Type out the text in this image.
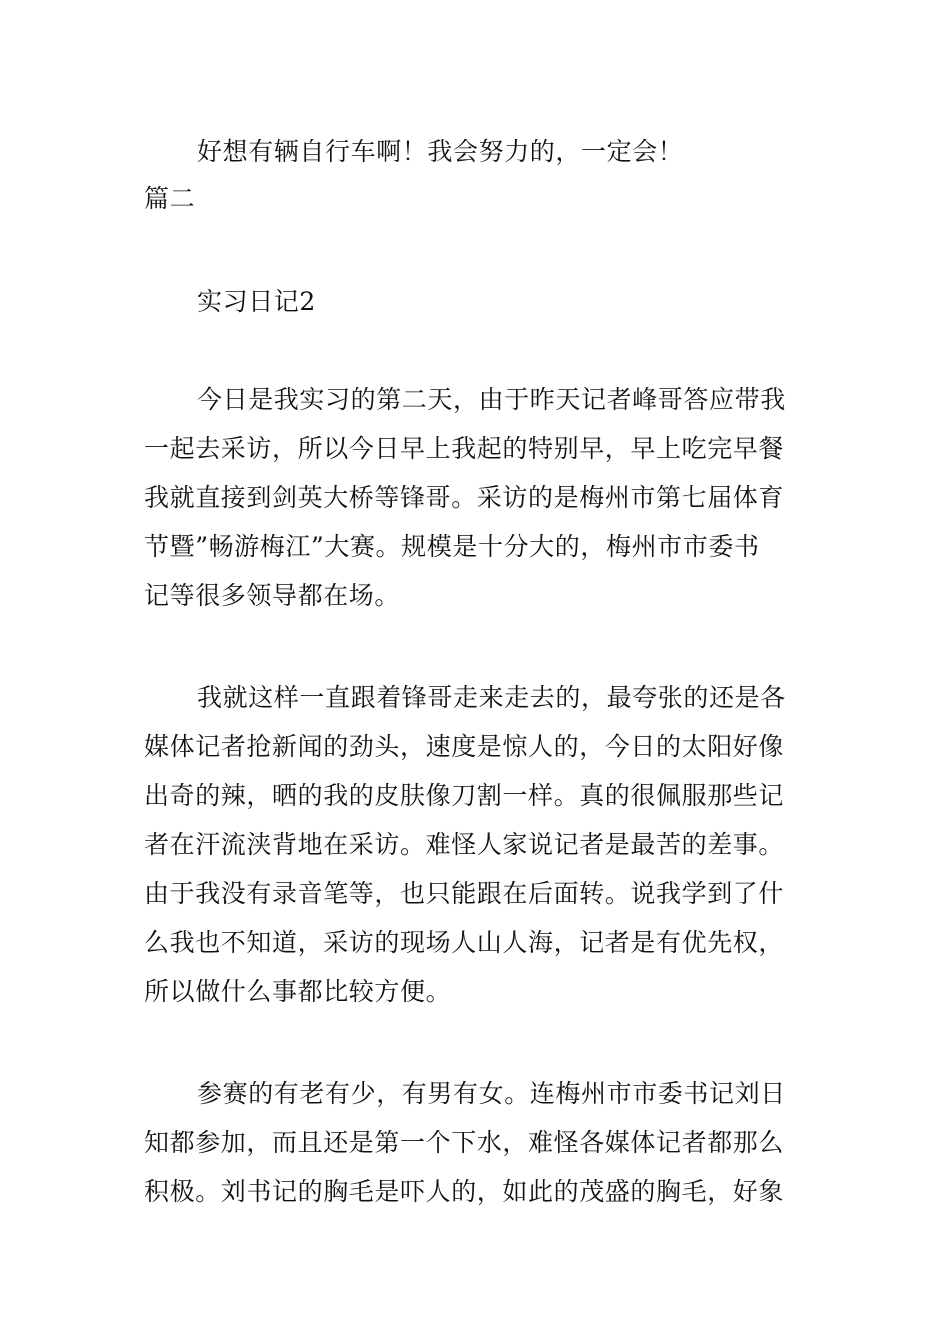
好想有辆自行车啊！我会努力的，一定会！
篇二
实习日记2
今日是我实习的第二天，由于昨天记者峰哥答应带我
一起去采访，所以今日早上我起的特别早，早上吃完早餐
我就直接到剑英大桥等锋哥。采访的是梅州市第七届体育
节暨”畅游梅江”大赛。规模是十分大的，梅州市市委书
记等很多领导都在场。
我就这样一直跟着锋哥走来走去的，最夸张的还是各
媒体记者抢新闻的劲头，速度是惊人的，今日的太阳好像
出奇的辣，晒的我的皮肤像刀割一样。真的很佩服那些记
者在汗流浃背地在采访。难怪人家说记者是最苦的差事。
由于我没有录音笔等，也只能跟在后面转。说我学到了什
么我也不知道，采访的现场人山人海，记者是有优先权，
所以做什么事都比较方便。
参赛的有老有少，有男有女。连梅州市市委书记刘日
知都参加，而且还是第一个下水，难怪各媒体记者都那么
积极。刘书记的胸毛是吓人的，如此的茂盛的胸毛，好象
